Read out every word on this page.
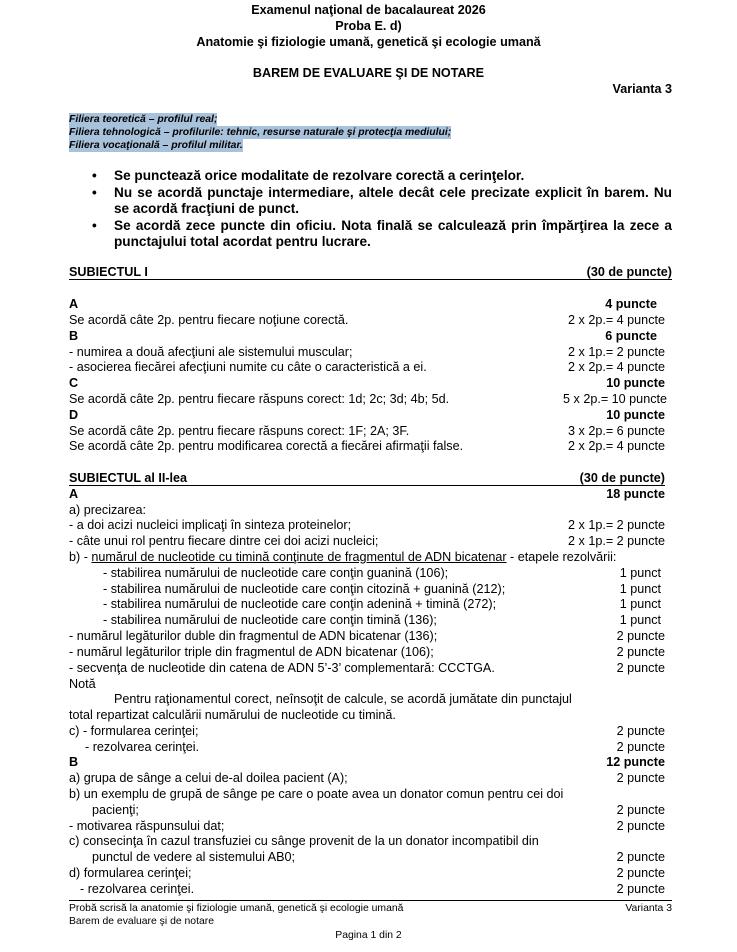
Examenul naţional de bacalaureat 2026
Proba E. d)
Anatomie şi fiziologie umană, genetică şi ecologie umană
BAREM DE EVALUARE ŞI DE NOTARE
Varianta 3
Filiera teoretică – profilul real;
Filiera tehnologică – profilurile: tehnic, resurse naturale şi protecţia mediului;
Filiera vocaţională – profilul militar.
• Se punctează orice modalitate de rezolvare corectă a cerinţelor.
• Nu se acordă punctaje intermediare, altele decât cele precizate explicit în barem. Nu se acordă fracţiuni de punct.
• Se acordă zece puncte din oficiu. Nota finală se calculează prin împărţirea la zece a punctajului total acordat pentru lucrare.
SUBIECTUL I	(30 de puncte)
A	4 puncte
Se acordă câte 2p. pentru fiecare noţiune corectă.	2 x 2p.= 4 puncte
B	6 puncte
- numirea a două afecţiuni ale sistemului muscular;	2 x 1p.= 2 puncte
- asocierea fiecărei afecţiuni numite cu câte o caracteristică a ei.	2 x 2p.= 4 puncte
C	10 puncte
Se acordă câte 2p. pentru fiecare răspuns corect: 1d; 2c; 3d; 4b; 5d.	5 x 2p.= 10 puncte
D	10 puncte
Se acordă câte 2p. pentru fiecare răspuns corect: 1F; 2A; 3F.	3 x 2p.= 6 puncte
Se acordă câte 2p. pentru modificarea corectă a fiecărei afirmaţii false.	2 x 2p.= 4 puncte
SUBIECTUL al II-lea	(30 de puncte)
A	18 puncte
a) precizarea:
- a doi acizi nucleici implicaţi în sinteza proteinelor;	2 x 1p.= 2 puncte
- câte unui rol pentru fiecare dintre cei doi acizi nucleici;	2 x 1p.= 2 puncte
b) - numărul de nucleotide cu timină conţinute de fragmentul de ADN bicatenar - etapele rezolvării:
- stabilirea numărului de nucleotide care conţin guanină (106);	1 punct
- stabilirea numărului de nucleotide care conţin citozină + guanină (212);	1 punct
- stabilirea numărului de nucleotide care conţin adenină + timină (272);	1 punct
- stabilirea numărului de nucleotide care conţin timină (136);	1 punct
- numărul legăturilor duble din fragmentul de ADN bicatenar (136);	2 puncte
- numărul legăturilor triple din fragmentul de ADN bicatenar (106);	2 puncte
- secvenţa de nucleotide din catena de ADN 5’-3’ complementară: CCCTGA.	2 puncte
Notă
Pentru raţionamentul corect, neînsoţit de calcule, se acordă jumătate din punctajul
total repartizat calculării numărului de nucleotide cu timină.
c) - formularea cerinţei;	2 puncte
- rezolvarea cerinţei.	2 puncte
B	12 puncte
a) grupa de sânge a celui de-al doilea pacient (A);	2 puncte
b) un exemplu de grupă de sânge pe care o poate avea un donator comun pentru cei doi
pacienţi;	2 puncte
- motivarea răspunsului dat;	2 puncte
c) consecinţa în cazul transfuziei cu sânge provenit de la un donator incompatibil din
punctul de vedere al sistemului AB0;	2 puncte
d) formularea cerinţei;	2 puncte
- rezolvarea cerinţei.	2 puncte
Probă scrisă la anatomie şi fiziologie umană, genetică şi ecologie umană	Varianta 3
Barem de evaluare şi de notare
Pagina 1 din 2
